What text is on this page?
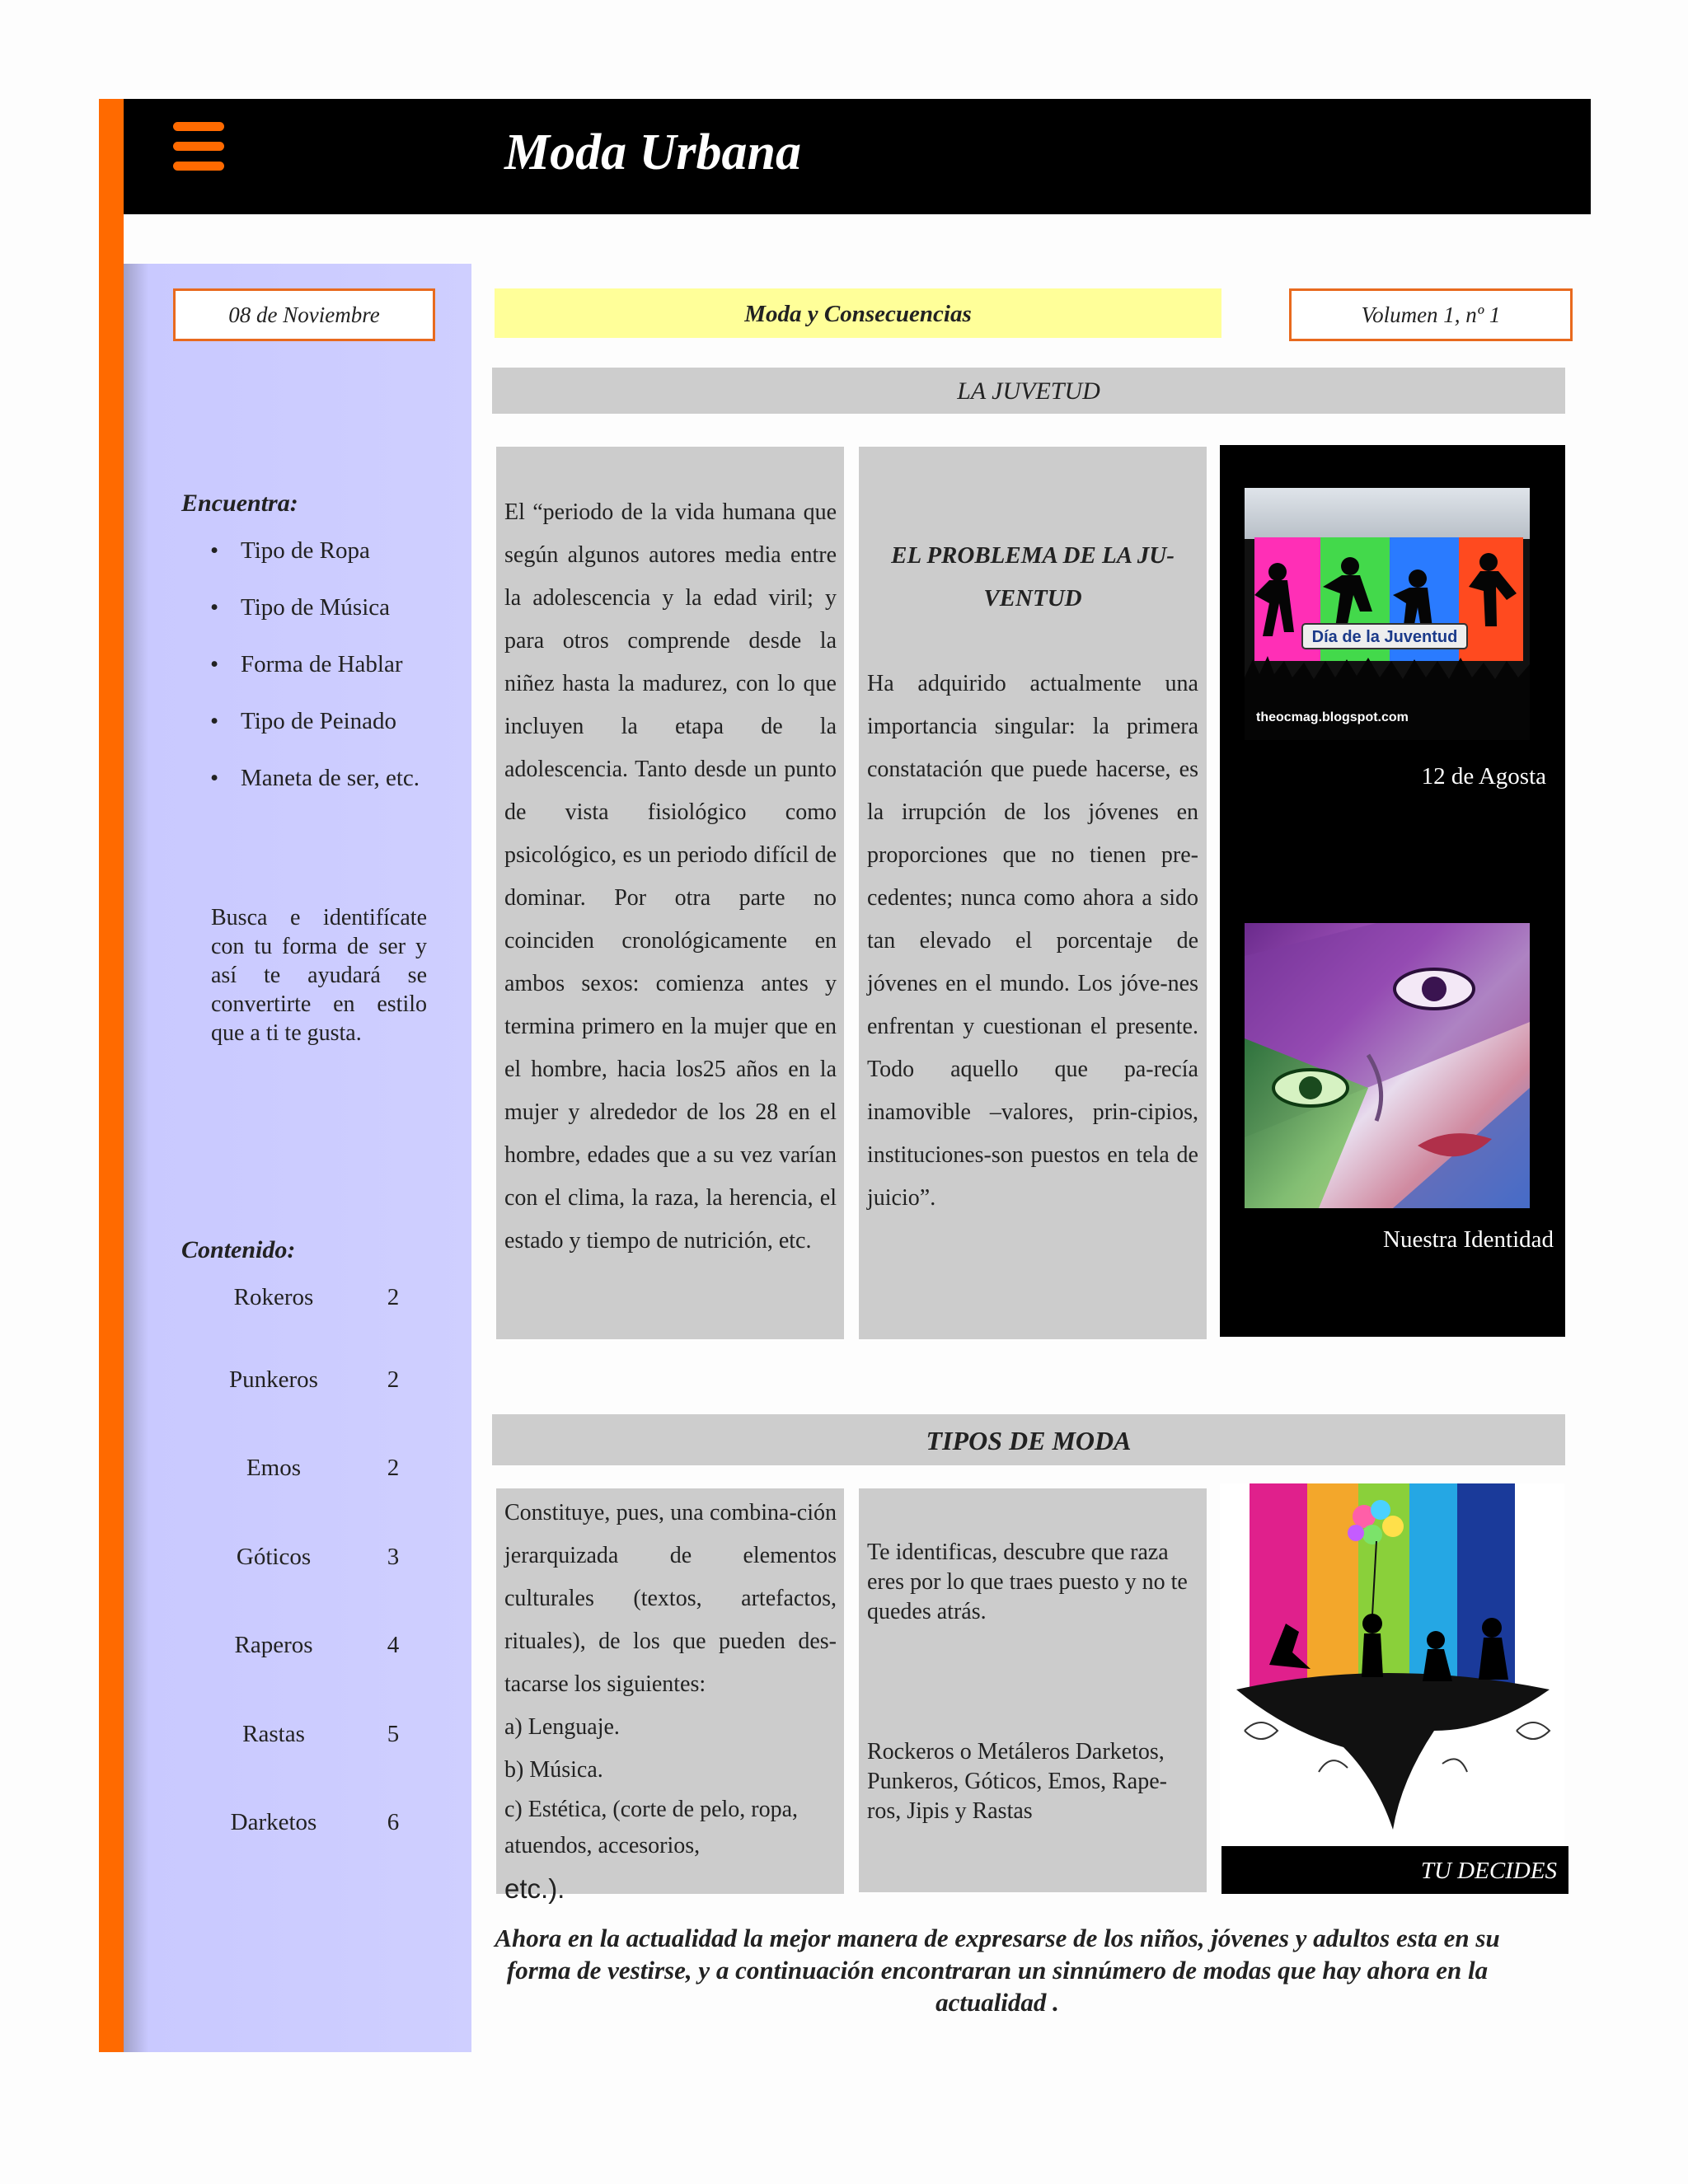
Moda Urbana
08 de Noviembre
Encuentra:
• Tipo de Ropa
• Tipo de Música
• Forma de Hablar
• Tipo de Peinado
• Maneta de ser, etc.
Busca e identifícate con tu forma de ser y así te ayudará se convertirte en estilo que a ti te gusta.
Contenido:
Rokeros	2
Punkeros	2
Emos	2
Góticos	3
Raperos	4
Rastas	5
Darketos	6
Moda y Consecuencias	Volumen 1, nº 1
LA JUVETUD
El “periodo de la vida humana que según algunos autores media entre la adolescencia y la edad viril; y para otros comprende desde la niñez hasta la madurez, con lo que incluyen la etapa de la adolescencia. Tanto desde un punto de vista fisiológico como psicológico, es un periodo difícil de dominar. Por otra parte no coinciden cronológicamente en ambos sexos: comienza antes y termina primero en la mujer que en el hombre, hacia los25 años en la mujer y alrededor de los 28 en el hombre, edades que a su vez varían con el clima, la raza, la herencia, el estado y tiempo de nutrición, etc.
EL PROBLEMA DE LA JU-VENTUD
Ha adquirido actualmente una importancia singular: la primera constatación que puede hacerse, es la irrupción de los jóvenes en proporciones que no tienen pre-cedentes; nunca como ahora a sido tan elevado el porcentaje de jóvenes en el mundo. Los jóve-nes enfrentan y cuestionan el presente. Todo aquello que pa-recía inamovible –valores, prin-cipios, instituciones-son puestos en tela de juicio”.
Día de la Juventud
theocmag.blogspot.com
12 de Agosta
Nuestra Identidad
TIPOS DE MODA
Constituye, pues, una combina-ción jerarquizada de elementos culturales (textos, artefactos, rituales), de los que pueden des-tacarse los siguientes:
a) Lenguaje.
b) Música.
c) Estética, (corte de pelo, ropa, atuendos, accesorios, etc.).
Te identificas, descubre que raza eres por lo que traes puesto y no te quedes atrás.
Rockeros o Metáleros Darketos, Punkeros, Góticos, Emos, Rape-ros, Jipis y Rastas
TU DECIDES
Ahora en la actualidad la mejor manera de expresarse de los niños, jóvenes y adultos esta en su forma de vestirse, y a continuación encontraran un sinnúmero de modas que hay ahora en la actualidad .
